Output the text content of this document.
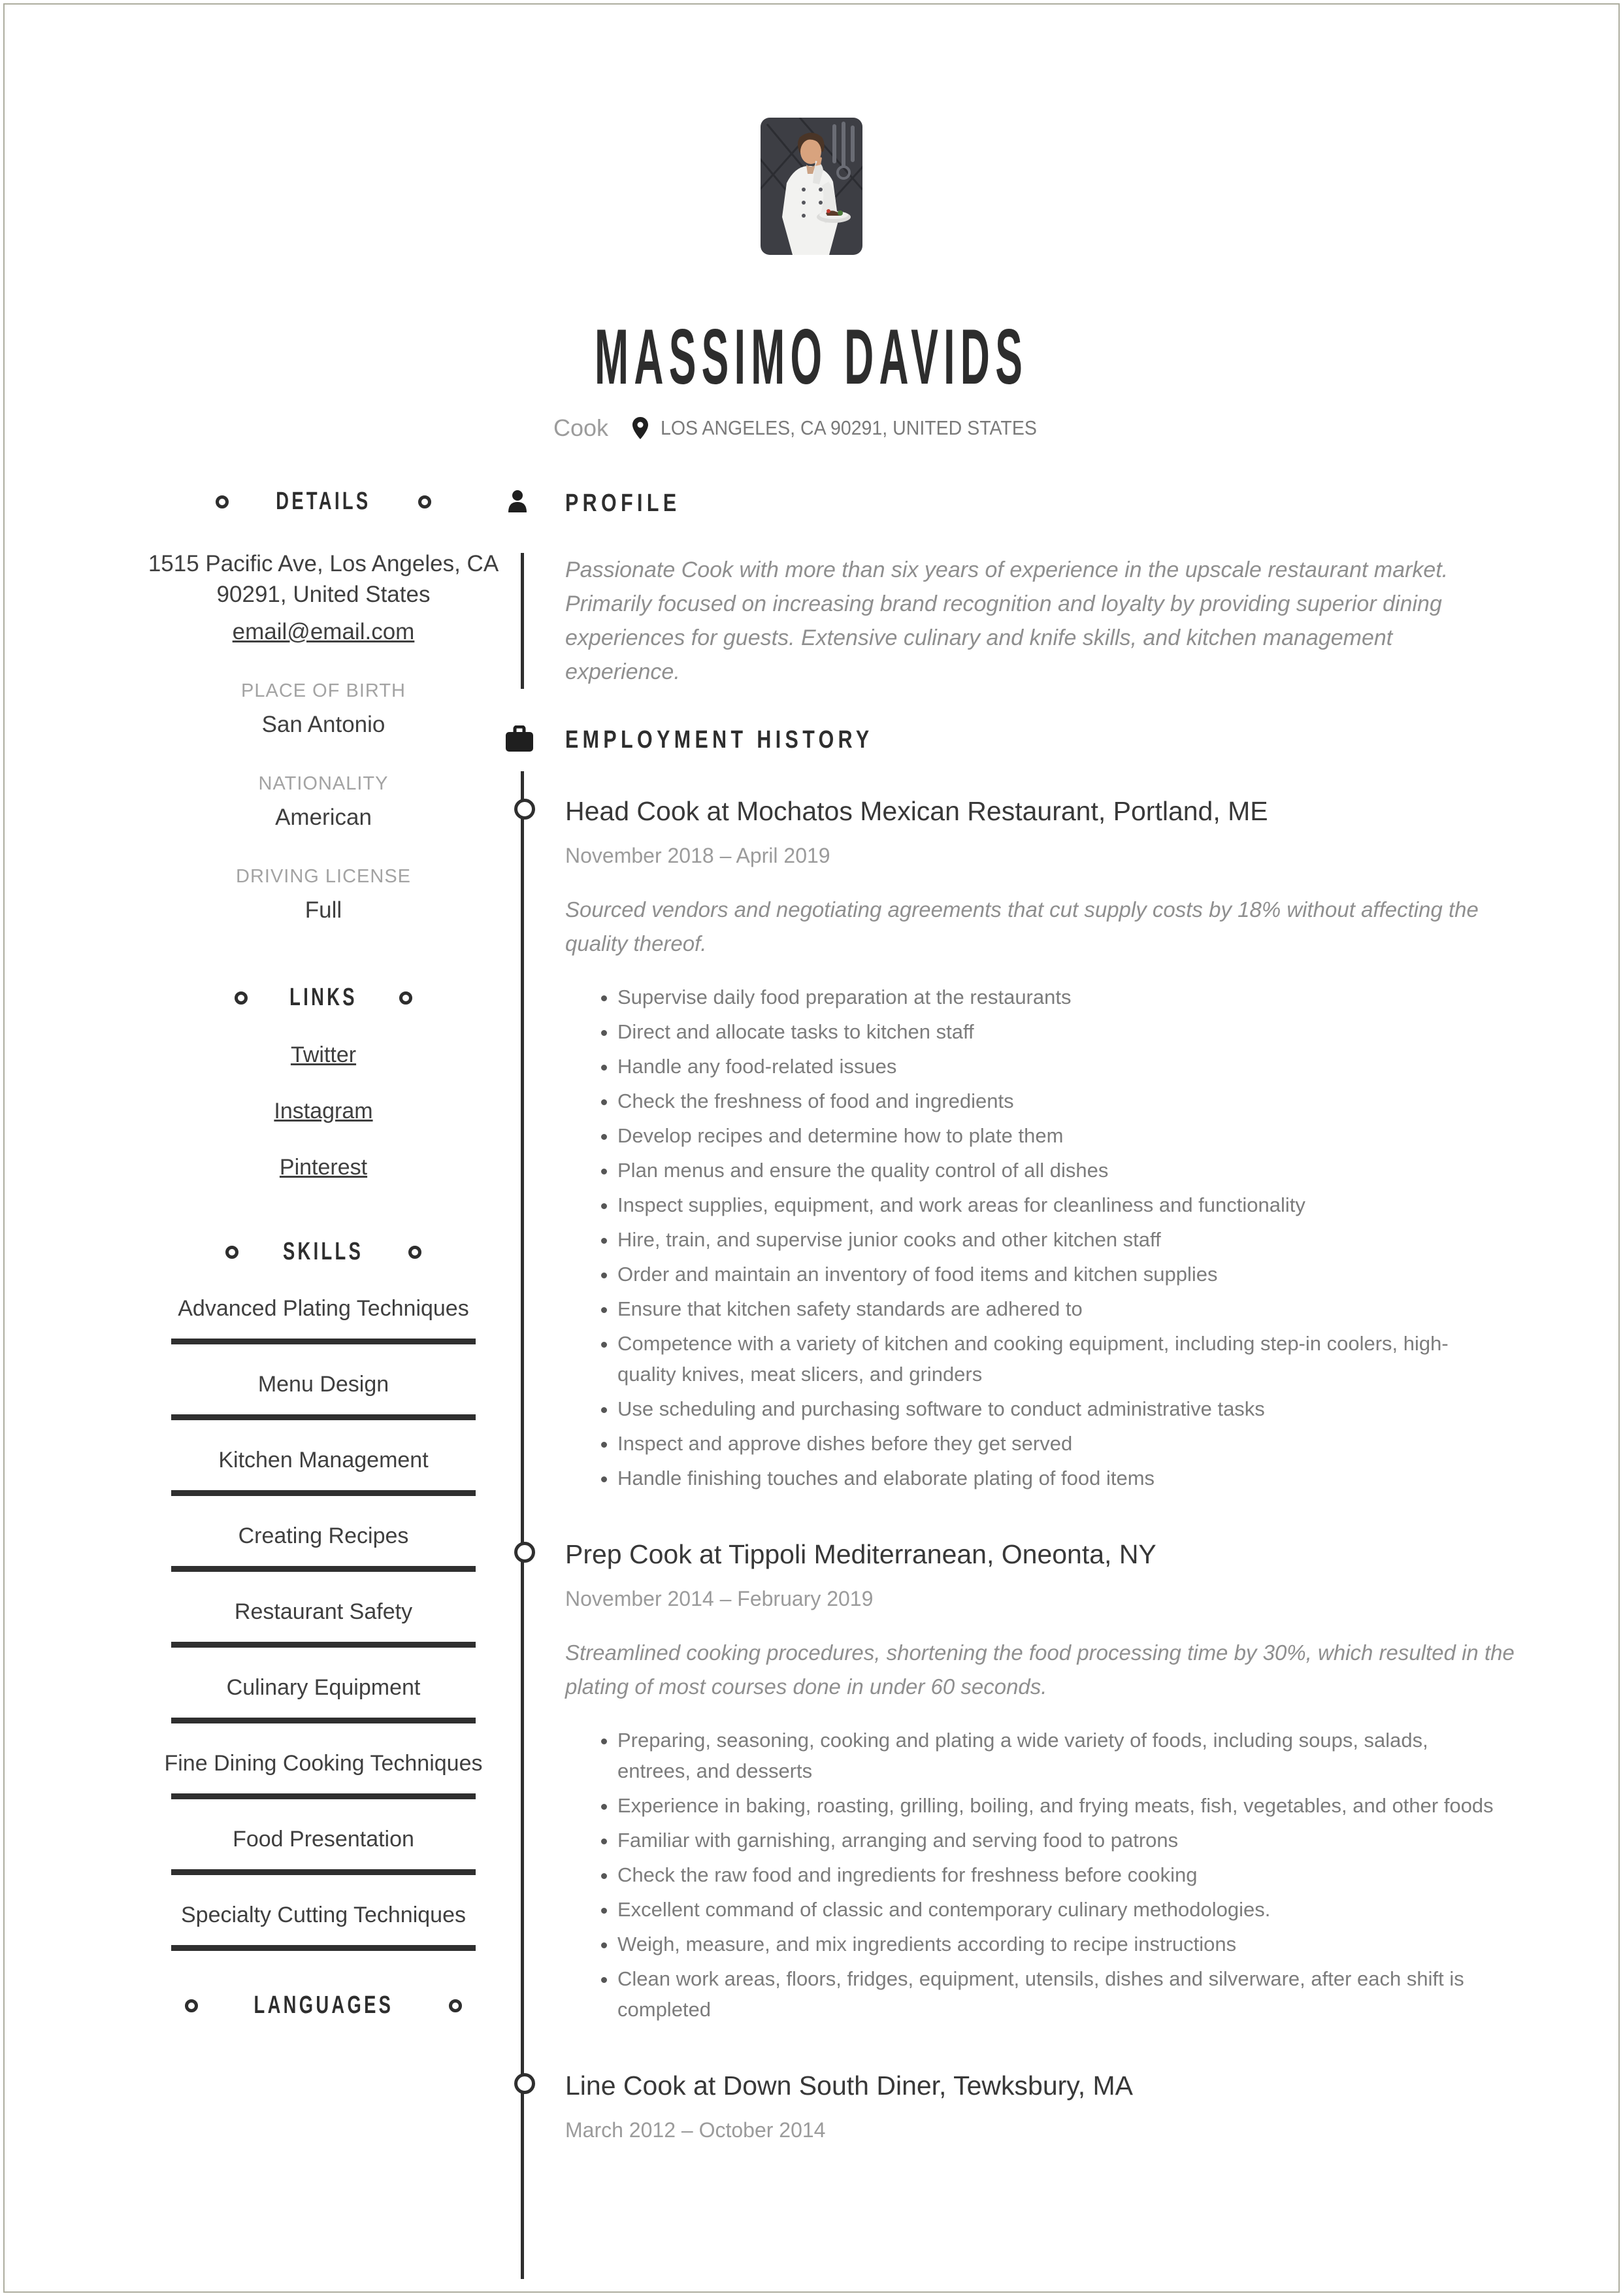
MASSIMO DAVIDS
Cook	LOS ANGELES, CA 90291, UNITED STATES
DETAILS
1515 Pacific Ave, Los Angeles, CA
90291, United States
email@email.com
PLACE OF BIRTH
San Antonio
NATIONALITY
American
DRIVING LICENSE
Full
LINKS
Twitter
Instagram
Pinterest
SKILLS
Advanced Plating Techniques
Menu Design
Kitchen Management
Creating Recipes
Restaurant Safety
Culinary Equipment
Fine Dining Cooking Techniques
Food Presentation
Specialty Cutting Techniques
LANGUAGES
PROFILE
Passionate Cook with more than six years of experience in the upscale restaurant market. Primarily focused on increasing brand recognition and loyalty by providing superior dining experiences for guests. Extensive culinary and knife skills, and kitchen management experience.
EMPLOYMENT HISTORY
Head Cook at Mochatos Mexican Restaurant, Portland, ME
November 2018 – April 2019
Sourced vendors and negotiating agreements that cut supply costs by 18% without affecting the quality thereof.
• Supervise daily food preparation at the restaurants
• Direct and allocate tasks to kitchen staff
• Handle any food-related issues
• Check the freshness of food and ingredients
• Develop recipes and determine how to plate them
• Plan menus and ensure the quality control of all dishes
• Inspect supplies, equipment, and work areas for cleanliness and functionality
• Hire, train, and supervise junior cooks and other kitchen staff
• Order and maintain an inventory of food items and kitchen supplies
• Ensure that kitchen safety standards are adhered to
• Competence with a variety of kitchen and cooking equipment, including step-in coolers, high-quality knives, meat slicers, and grinders
• Use scheduling and purchasing software to conduct administrative tasks
• Inspect and approve dishes before they get served
• Handle finishing touches and elaborate plating of food items
Prep Cook at Tippoli Mediterranean, Oneonta, NY
November 2014 – February 2019
Streamlined cooking procedures, shortening the food processing time by 30%, which resulted in the plating of most courses done in under 60 seconds.
• Preparing, seasoning, cooking and plating a wide variety of foods, including soups, salads, entrees, and desserts
• Experience in baking, roasting, grilling, boiling, and frying meats, fish, vegetables, and other foods
• Familiar with garnishing, arranging and serving food to patrons
• Check the raw food and ingredients for freshness before cooking
• Excellent command of classic and contemporary culinary methodologies.
• Weigh, measure, and mix ingredients according to recipe instructions
• Clean work areas, floors, fridges, equipment, utensils, dishes and silverware, after each shift is completed
Line Cook at Down South Diner, Tewksbury, MA
March 2012 – October 2014
